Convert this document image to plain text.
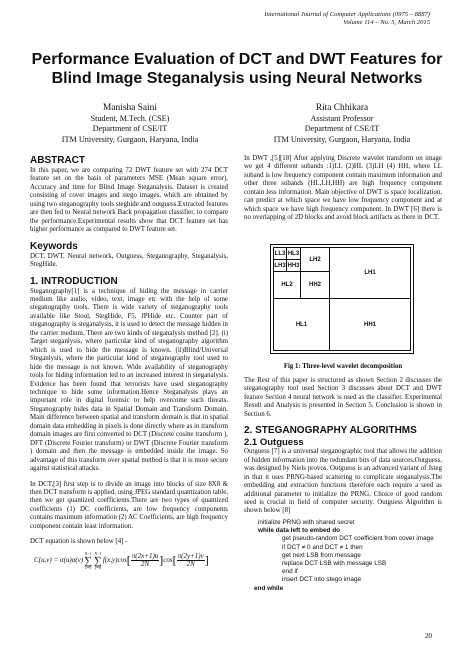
International Journal of Computer Applications (0975 – 8887)
Volume 114 – No. 5, March 2015
Performance Evaluation of DCT and DWT Features for
Blind Image Steganalysis using Neural Networks
Manisha Saini
Student, M.Tech. (CSE)
Department of CSE/IT
ITM University, Gurgaon, Haryana, India
Rita Chhikara
Assistant Professor
Department of CSE/IT
ITM University, Gurgaon, Haryana, India
ABSTRACT

In this paper, we are comparing 72 DWT feature set with 274 DCT feature set on the basis of parameters MSE (Mean square error), Accuracy and time for Blind Image Steganalysis. Dataset is created consisting of cover images and stego images, which are obtained by using two steganography tools steghide and outguess.Extracted features are then fed to Neural network Back propagation classifier, to compare the performance.Experimental results show that DCT feature set has higher performance as compared to DWT feature set.

Keywords

DCT, DWT, Neural network, Outguess, Steganography, Steganalysis, StegHide.

1. INTRODUCTION

Steganography[1] is a technique of hiding the message in carrier medium like audio, video, text, image etc with the help of some steganography tools. There is wide variety of steganography tools available like Stool, StegHide, F5, JPHide etc. Counter part of steganography is steganalysis, it is used to detect the message hidden in the carrier medium. There are two kinds of steganalysis method [2]. (i) Target steganlysis, where particular kind of steganography algorithm which is used to hide the message is known. (ii)Blind/Universal Steganlysis, where the particular kind of steganography tool used to hide the message is not known. Wide availability of steganography tools for hiding information led to an increased interest in steganalysis. Evidence has been found that terrorists have used steganography technique to hide some information.Hence Steganalysis plays an important role in digital forensic to help overcome such threats. Steganography hides data in Spatial Domain and Transform Domain. Main difference between spatial and transform domain is that in spatial domain data embedding in pixels is done directly where as in transform domain images are first converted to DCT (Discrete cosine transform ), DFT (Discrete Fourier transform) or DWT (Discrete Fourier transform ) domain and then the message is embedded inside the image. So advantage of this transform over spatial method is that it is more secure against statistical attacks.

In DCT,[3] first step is to divide an image into blocks of size 8X8 & then DCT transform is applied, using JPEG standard quantization table, then we get quantized coefficients.There are two types of quantized coefficients (1) DC coefficients, are low frequency components contains maximum information (2) AC Coefficients, are high frequency component contain least information.

DCT equation is shown below [4] -

C(u,v) = α(u)α(v)
N−1
∑
x=0
N−1
∑
y=0
f(x,y)cos [ $\frac{\pi(2x+1)u}{2N}$ ] cos [ $\frac{\pi(2y+1)v}{2N}$ ]

In DWT ,[5][18] After applying Discrete wavelet transform on image we get 4 different subands :1)LL (2)HL (3)LH (4) HH, where LL suband is low frequency component contain maximum information and other three subands (HL,LH,HH) are high frequency component contain less information. Main objective of DWT is space localization, can predict at which space we have low frequency component and at which space we have high frequency component. In DWT [6] there is no overlapping of 2D blocks and avoid block artifacts as there in DCT.

LL3 HL3
LH3 HH3
LH2
HL2	HH2
LH1
HL1	HH1
Fig 1: Three-level wavelet decomposition

The Rest of this paper is structured as shown Section 2 discusses the steganography tool used Section 3 discusses about DCT and DWT feature Section 4 neural network is used as the classifier. Experimental Result and Analysis is presented in Section 5. Conclusion is shown in Section 6.

2. STEGANOGRAPHY ALGORITHMS
2.1 Outguess

Outguess [7] is a universal steganographic tool that allows the addition of hidden information into the redundant bits of data sources.Outguess, was designed by Niels provos. Outguess is an advanced variant of Jsteg in that it uses PRNG-based scattering to complicate steganalysis.The embedding and extraction functions therefore each require a seed as additional parameter to initialize the PRNG. Choice of good random seed is crucial in field of computer security. Outguess Algorithm is shown below [8]

initialize PRNG with shared secret
while data left to embed do
get pseudo-random DCT coefficient from cover image
if DCT ≠ 0 and DCT ≠ 1 then
get next LSB from message
replace DCT LSB with message LSB
end if
insert DCT into stego image
end while
20
